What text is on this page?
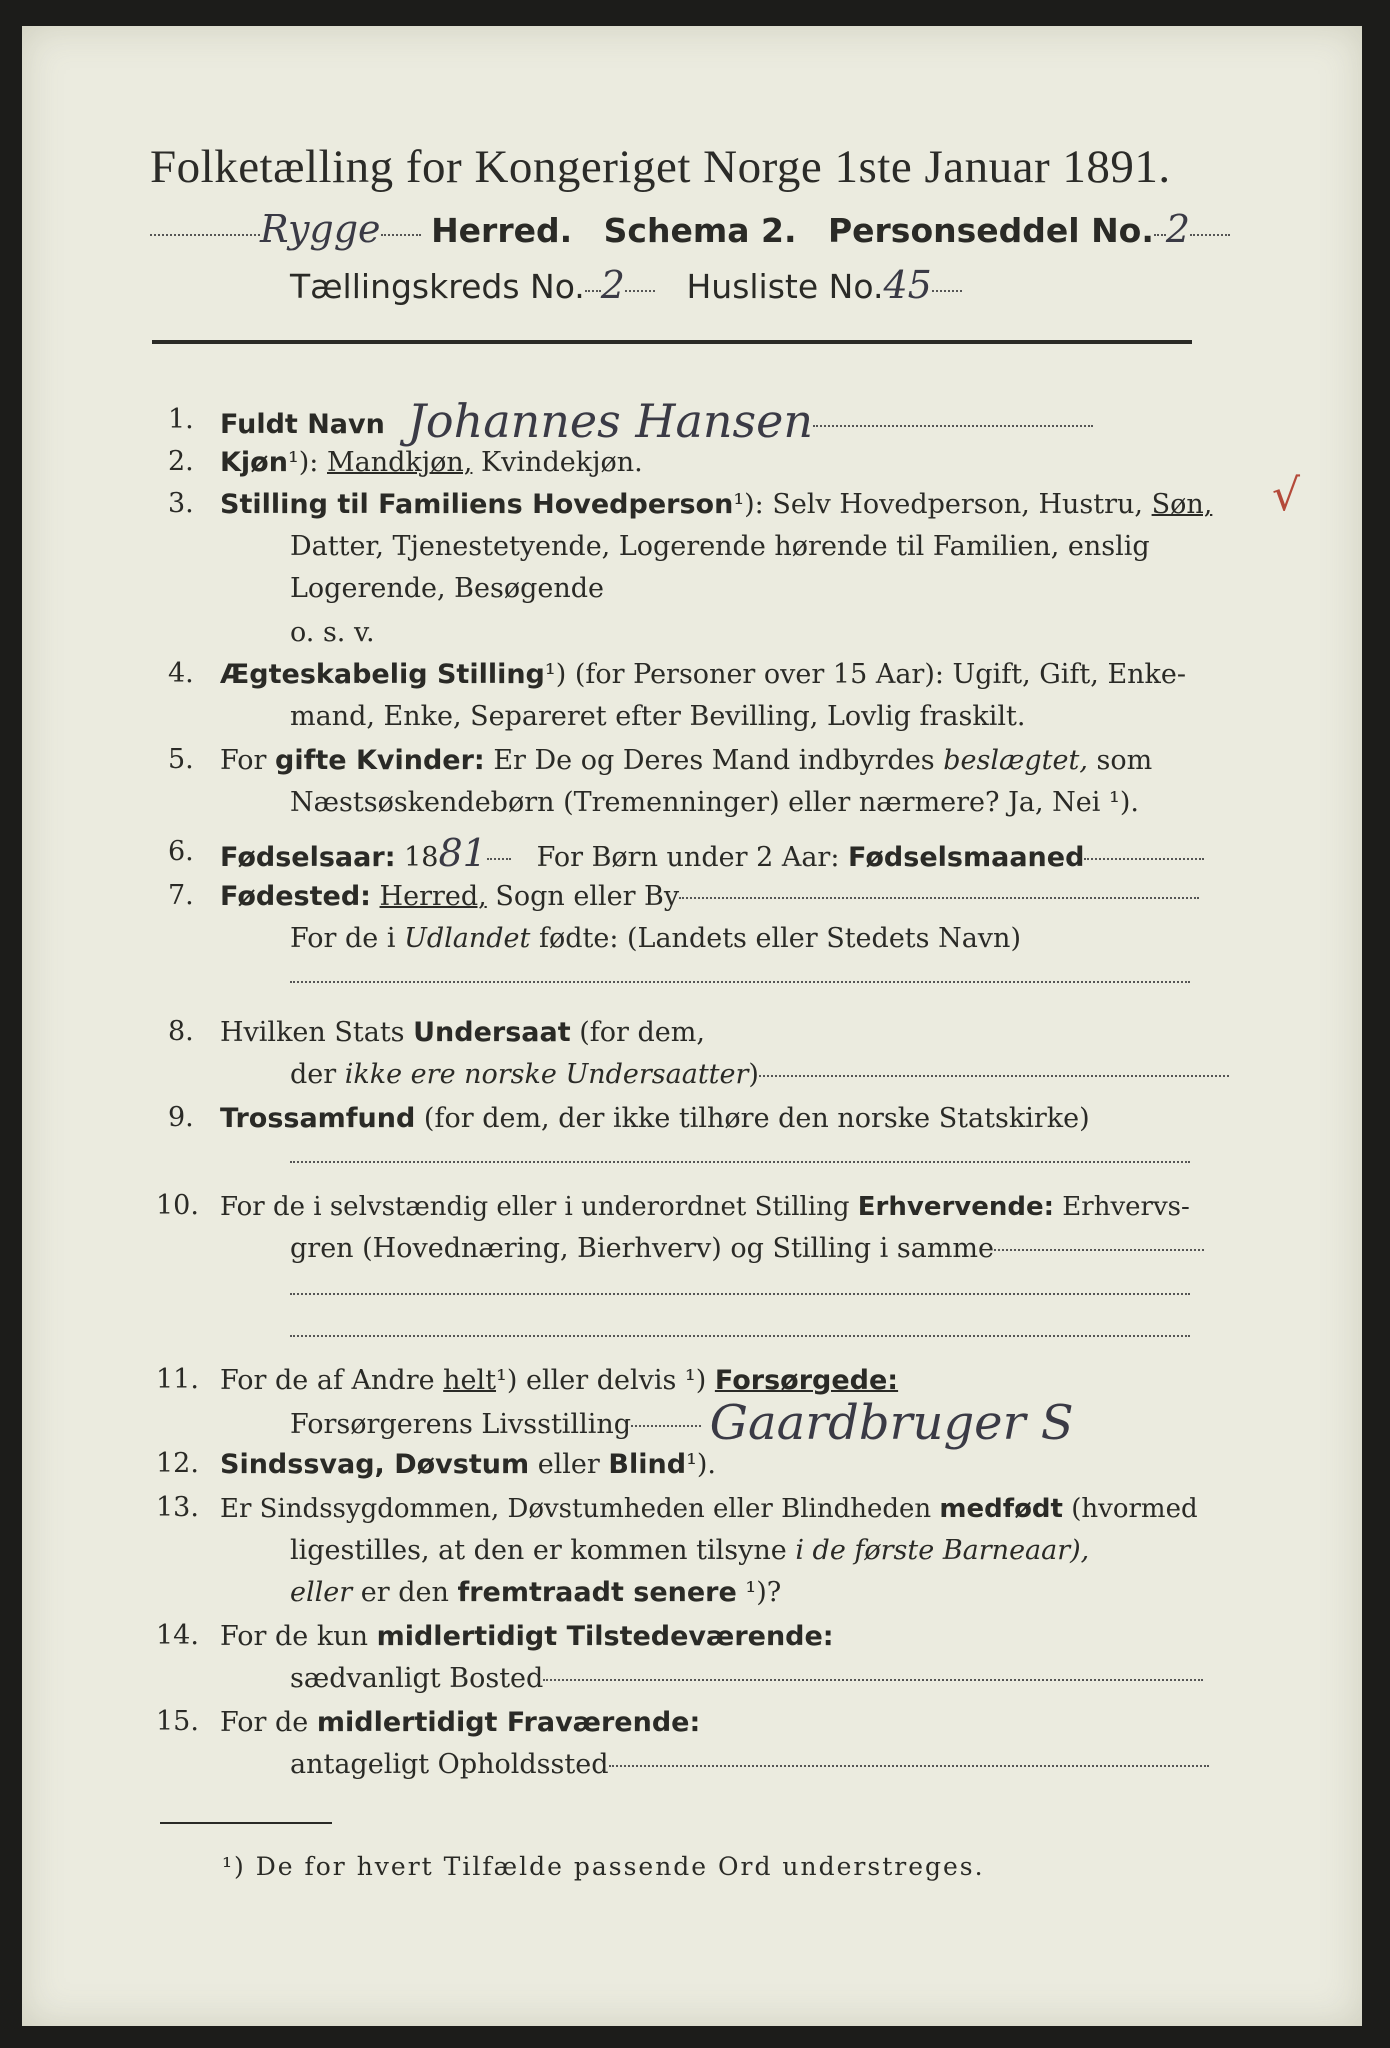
Folketælling for Kongeriget Norge 1ste Januar 1891.
Rygge Herred. Schema 2. Personseddel No. 2
Tællingskreds No. 2 Husliste No.45
1. Fuldt Navn Johannes Hansen
2. Kjøn¹): Mandkjøn, Kvindekjøn.
3. Stilling til Familiens Hovedperson¹): Selv Hovedperson, Hustru, Søn, √
Datter, Tjenestetyende, Logerende hørende til Familien, enslig
Logerende, Besøgende
o. s. v.
4. Ægteskabelig Stilling¹) (for Personer over 15 Aar): Ugift, Gift, Enke-
mand, Enke, Separeret efter Bevilling, Lovlig fraskilt.
5. For gifte Kvinder: Er De og Deres Mand indbyrdes beslægtet, som
Næstsøskendebørn (Tremenninger) eller nærmere? Ja, Nei ¹).
6. Fødselsaar: 1881 For Børn under 2 Aar: Fødselsmaaned
7. Fødested: Herred, Sogn eller By
For de i Udlandet fødte: (Landets eller Stedets Navn)
8. Hvilken Stats Undersaat (for dem,
der ikke ere norske Undersaatter)
9. Trossamfund (for dem, der ikke tilhøre den norske Statskirke)
10. For de i selvstændig eller i underordnet Stilling Erhvervende: Erhvervs-
gren (Hovednæring, Bierhverv) og Stilling i samme
11. For de af Andre helt¹) eller delvis ¹) Forsørgede:
Forsørgerens Livsstilling Gaardbruger S
12. Sindssvag, Døvstum eller Blind¹).
13. Er Sindssygdommen, Døvstumheden eller Blindheden medfødt (hvormed
ligestilles, at den er kommen tilsyne i de første Barneaar),
eller er den fremtraadt senere ¹)?
14. For de kun midlertidigt Tilstedeværende:
sædvanligt Bosted
15. For de midlertidigt Fraværende:
antageligt Opholdssted
¹) De for hvert Tilfælde passende Ord understreges.
